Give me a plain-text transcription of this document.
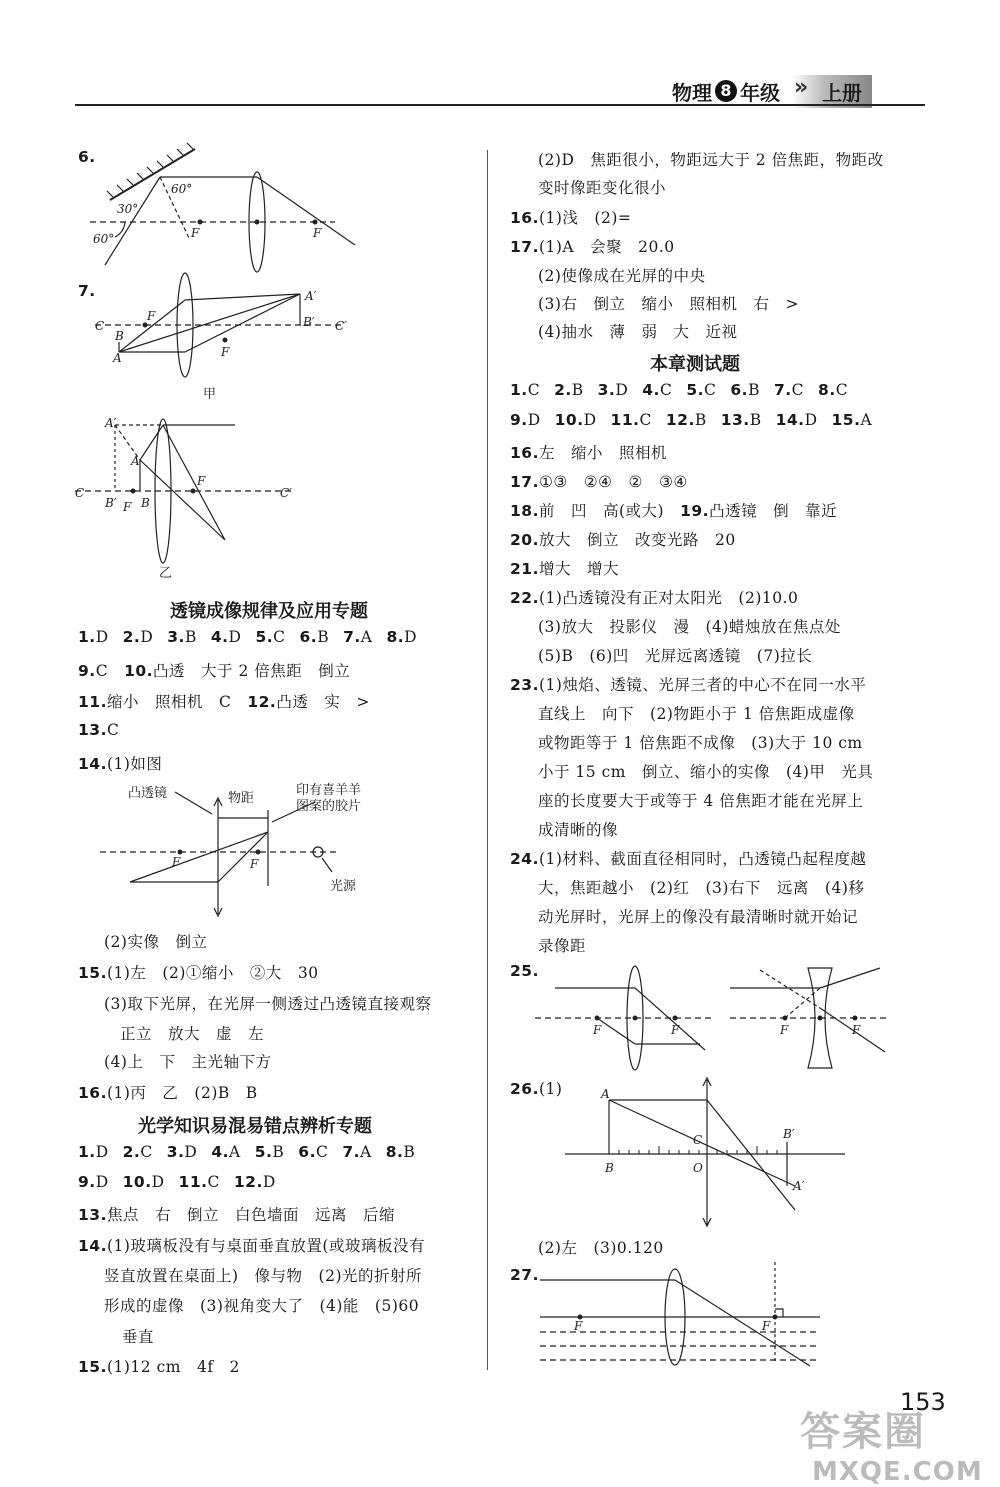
物理 8 年级 » 上册
6.
30°
60°
60°	F	F
7.
C	C′
B
A
F
F
A′
B′
甲
C	C′
A′
A
B′ F B
F
乙
透镜成像规律及应用专题
1.D 2.D 3.B 4.D 5.C 6.B 7.A 8.D
9.C　 10.凸透　大于 2 倍焦距　倒立
11.缩小　照相机　C　 12.凸透　实　>
13.C
14.(1)如图
F	F
凸透镜	物距
印有喜羊羊
图案的胶片
光源
(2)实像　倒立
15.(1)左　(2)①缩小　②大　30
(3)取下光屏，在光屏一侧透过凸透镜直接观察
正立　放大　虚　左
(4)上　下　主光轴下方
16.(1)丙　乙　(2)B　B
光学知识易混易错点辨析专题
1.D 2.C 3.D 4.A 5.B 6.C 7.A 8.B
9.D 10.D 11.C 12.D
13.焦点　右　倒立　白色墙面　远离　后缩
14.(1)玻璃板没有与桌面垂直放置(或玻璃板没有
竖直放置在桌面上)　像与物　(2)光的折射所
形成的虚像　(3)视角变大了　(4)能　(5)60
垂直
15.(1)12 cm　4f　2
(2)D　焦距很小，物距远大于 2 倍焦距，物距改
变时像距变化很小
16.(1)浅　(2)=
17.(1)A　会聚　20.0
(2)使像成在光屏的中央
(3)右　倒立　缩小　照相机　右　>
(4)抽水　薄　弱　大　近视
本章测试题
1.C 2.B 3.D 4.C 5.C 6.B 7.C 8.C
9.D 10.D 11.C 12.B 13.B 14.D 15.A
16.左　缩小　照相机
17.①③　②④　②　③④
18.前　凹　高(或大)　 19.凸透镜　倒　靠近
20.放大　倒立　改变光路　20
21.增大　增大
22.(1)凸透镜没有正对太阳光　(2)10.0
(3)放大　投影仪　漫　(4)蜡烛放在焦点处
(5)B　(6)凹　光屏远离透镜　(7)拉长
23.(1)烛焰、透镜、光屏三者的中心不在同一水平
直线上　向下　(2)物距小于 1 倍焦距成虚像
或物距等于 1 倍焦距不成像　(3)大于 10 cm
小于 15 cm　倒立、缩小的实像　(4)甲　光具
座的长度要大于或等于 4 倍焦距才能在光屏上
成清晰的像
24.(1)材料、截面直径相同时，凸透镜凸起程度越
大，焦距越小　(2)红　(3)右下　远离　(4)移
动光屏时，光屏上的像没有最清晰时就开始记
录像距
25.
F	F	F	F
26.(1)	A
B
C
O
B′
A′
(2)左　(3)0.120
27.
F	F
153
答案圈
MXQE.COM
